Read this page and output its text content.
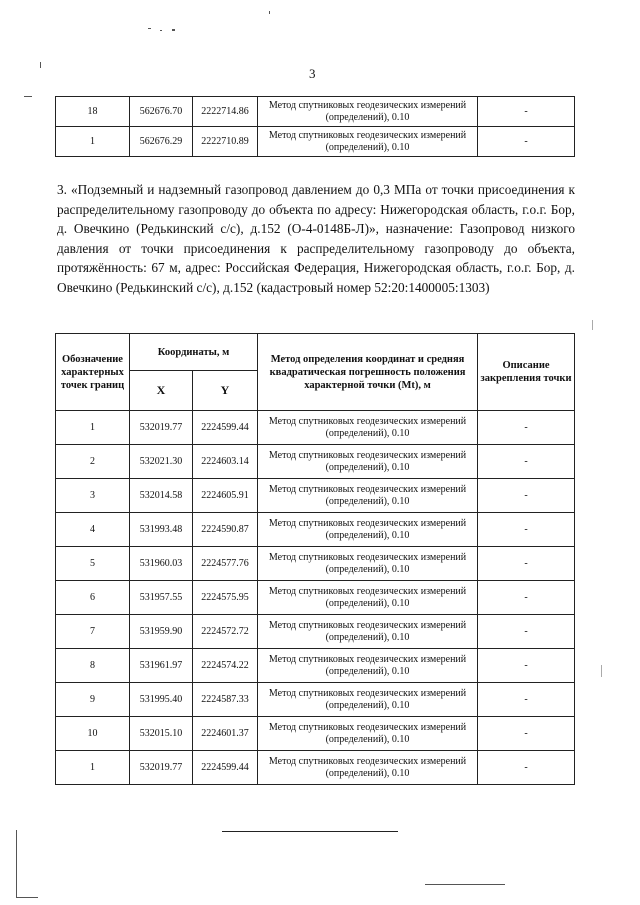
3
18	562676.70	2222714.86	Метод спутниковых геодезических измерений (определений), 0.10	-
1	562676.29	2222710.89	Метод спутниковых геодезических измерений (определений), 0.10	-
3. «Подземный и надземный газопровод давлением до 0,3 МПа от точки присоединения к распределительному газопроводу до объекта по адресу: Нижегородская область, г.о.г. Бор, д. Овечкино (Редькинский с/с), д.152 (О-4-0148Б-Л)», назначение: Газопровод низкого давления от точки присоединения к распределительному газопроводу до объекта, протяжённость: 67 м, адрес: Российская Федерация, Нижегородская область, г.о.г. Бор, д. Овечкино (Редькинский с/с), д.152 (кадастровый номер 52:20:1400005:1303)
Обозначение характерных точек границ	Координаты, м		Метод определения координат и средняя квадратическая погрешность положения характерной точки (Mt), м	Описание закрепления точки
	X	Y		
1	532019.77	2224599.44	Метод спутниковых геодезических измерений (определений), 0.10	-
2	532021.30	2224603.14	Метод спутниковых геодезических измерений (определений), 0.10	-
3	532014.58	2224605.91	Метод спутниковых геодезических измерений (определений), 0.10	-
4	531993.48	2224590.87	Метод спутниковых геодезических измерений (определений), 0.10	-
5	531960.03	2224577.76	Метод спутниковых геодезических измерений (определений), 0.10	-
6	531957.55	2224575.95	Метод спутниковых геодезических измерений (определений), 0.10	-
7	531959.90	2224572.72	Метод спутниковых геодезических измерений (определений), 0.10	-
8	531961.97	2224574.22	Метод спутниковых геодезических измерений (определений), 0.10	-
9	531995.40	2224587.33	Метод спутниковых геодезических измерений (определений), 0.10	-
10	532015.10	2224601.37	Метод спутниковых геодезических измерений (определений), 0.10	-
1	532019.77	2224599.44	Метод спутниковых геодезических измерений (определений), 0.10	-
